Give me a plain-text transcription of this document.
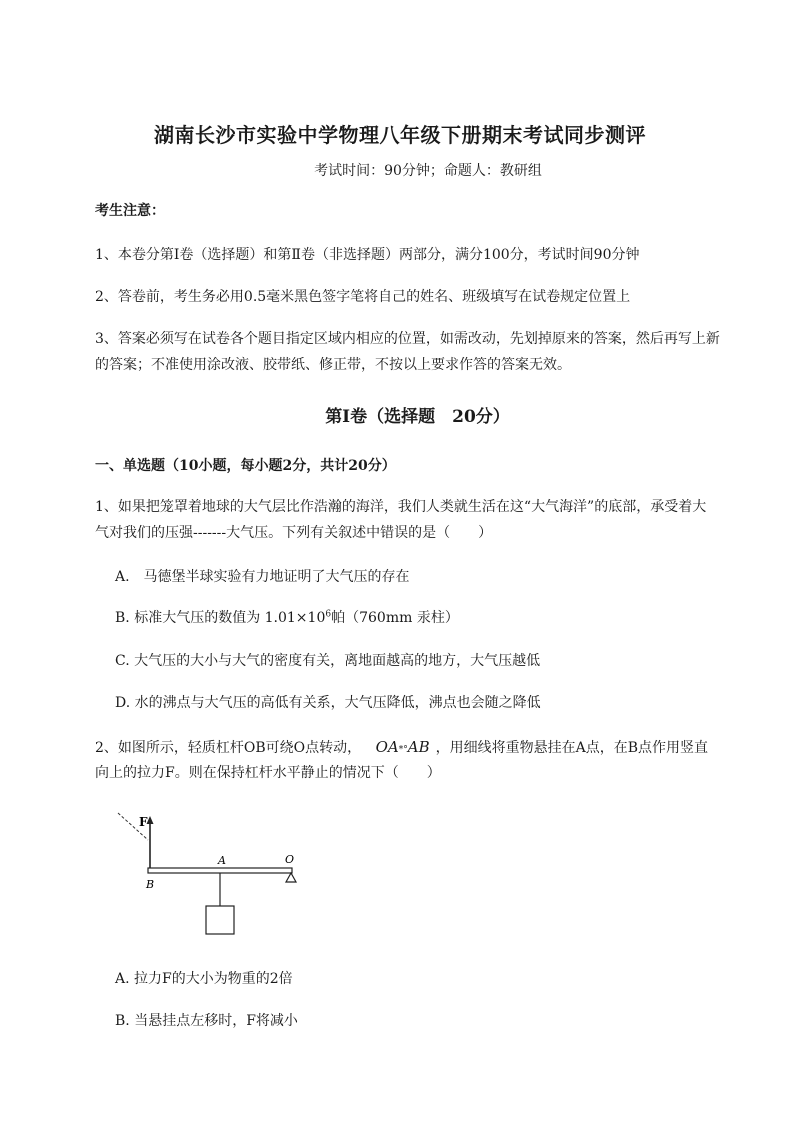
湖南长沙市实验中学物理八年级下册期末考试同步测评
考试时间：90分钟；命题人：教研组
考生注意：
1、本卷分第Ⅰ卷（选择题）和第Ⅱ卷（非选择题）两部分，满分100分，考试时间90分钟
2、答卷前，考生务必用0.5毫米黑色签字笔将自己的姓名、班级填写在试卷规定位置上
3、答案必须写在试卷各个题目指定区域内相应的位置，如需改动，先划掉原来的答案，然后再写上新
的答案；不准使用涂改液、胶带纸、修正带，不按以上要求作答的答案无效。
第Ⅰ卷（选择题　20分）
一、单选题（10小题，每小题2分，共计20分）
1、如果把笼罩着地球的大气层比作浩瀚的海洋，我们人类就生活在这“大气海洋”的底部，承受着大
气对我们的压强-------大气压。下列有关叙述中错误的是（　　）
A.　马德堡半球实验有力地证明了大气压的存在
B. 标准大气压的数值为 $1.01\times 10^6$帕（760mm 汞柱）
C. 大气压的大小与大气的密度有关，离地面越高的地方，大气压越低
D. 水的沸点与大气压的高低有关系，大气压降低，沸点也会随之降低
2、如图所示，轻质杠杆OB可绕O点转动， OA*°AB ，用细线将重物悬挂在A点，在B点作用竖直
向上的拉力F。则在保持杠杆水平静止的情况下（　　）
F
A	O
B
A. 拉力F的大小为物重的2倍
B. 当悬挂点左移时，F将减小
